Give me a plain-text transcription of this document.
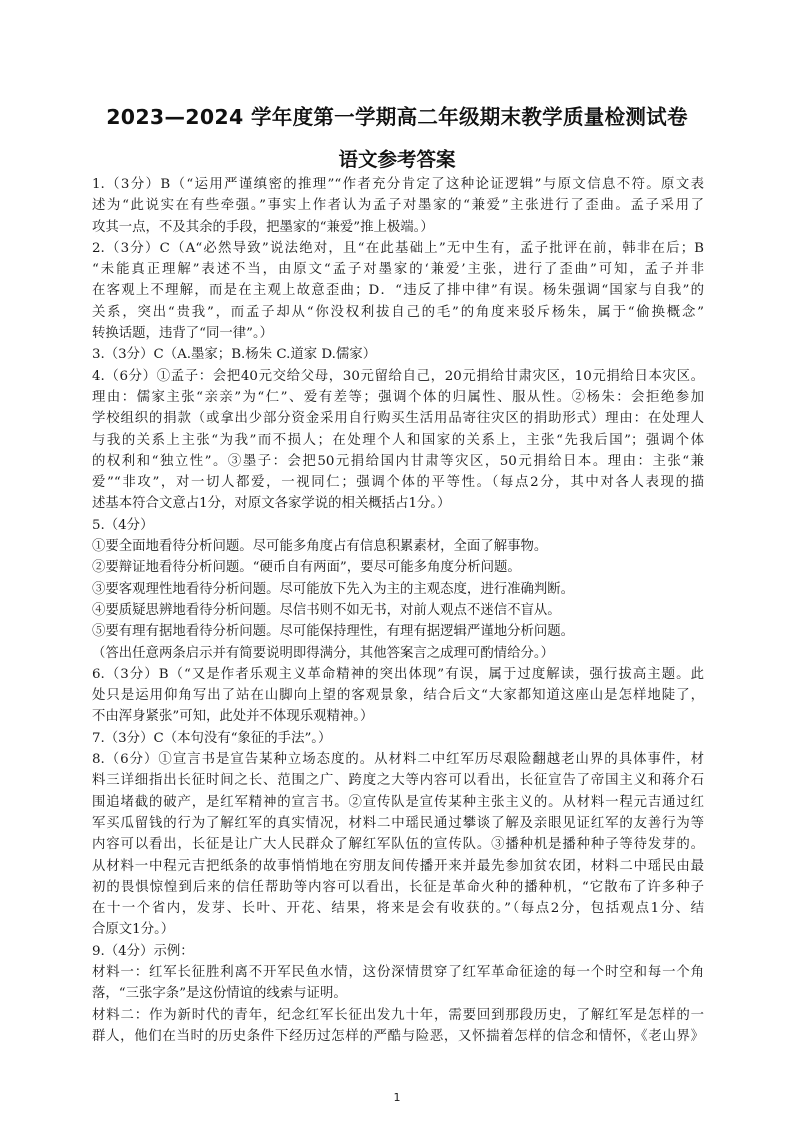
2023—2024 学年度第一学期高二年级期末教学质量检测试卷
语文参考答案
1.（3分）B（“运用严谨缜密的推理”“作者充分肯定了这种论证逻辑”与原文信息不符。原文表
述为“此说实在有些牵强。”事实上作者认为孟子对墨家的“兼爱”主张进行了歪曲。孟子采用了
攻其一点，不及其余的手段，把墨家的“兼爱”推上极端。）
2.（3分）C（A“必然导致”说法绝对，且“在此基础上”无中生有，孟子批评在前，韩非在后；B
“未能真正理解”表述不当，由原文“孟子对墨家的‘兼爱’主张，进行了歪曲”可知，孟子并非
在客观上不理解，而是在主观上故意歪曲；D．“违反了排中律”有误。杨朱强调“国家与自我”的
关系，突出“贵我”，而孟子却从“你没权利拔自己的毛”的角度来驳斥杨朱，属于“偷换概念”
转换话题，违背了“同一律”。）
3.（3分）C（A.墨家；B.杨朱 C.道家 D.儒家）
4.（6分）①孟子：会把40元交给父母，30元留给自己，20元捐给甘肃灾区，10元捐给日本灾区。
理由：儒家主张“亲亲”为“仁”、爱有差等；强调个体的归属性、服从性。②杨朱：会拒绝参加
学校组织的捐款（或拿出少部分资金采用自行购买生活用品寄往灾区的捐助形式）理由：在处理人
与我的关系上主张“为我”而不损人；在处理个人和国家的关系上，主张“先我后国”；强调个体
的权利和“独立性”。③墨子：会把50元捐给国内甘肃等灾区，50元捐给日本。理由：主张“兼
爱”“非攻”，对一切人都爱，一视同仁；强调个体的平等性。（每点2分，其中对各人表现的描
述基本符合文意占1分，对原文各家学说的相关概括占1分。）
5.（4分）
①要全面地看待分析问题。尽可能多角度占有信息积累素材，全面了解事物。
②要辩证地看待分析问题。“硬币自有两面”，要尽可能多角度分析问题。
③要客观理性地看待分析问题。尽可能放下先入为主的主观态度，进行准确判断。
④要质疑思辨地看待分析问题。尽信书则不如无书，对前人观点不迷信不盲从。
⑤要有理有据地看待分析问题。尽可能保持理性，有理有据逻辑严谨地分析问题。
（答出任意两条启示并有简要说明即得满分，其他答案言之成理可酌情给分。）
6.（3分）B（“又是作者乐观主义革命精神的突出体现”有误，属于过度解读，强行拔高主题。此
处只是运用仰角写出了站在山脚向上望的客观景象，结合后文“大家都知道这座山是怎样地陡了，
不由浑身紧张”可知，此处并不体现乐观精神。）
7.（3分）C（本句没有“象征的手法”。）
8.（6分）①宣言书是宣告某种立场态度的。从材料二中红军历尽艰险翻越老山界的具体事件，材
料三详细指出长征时间之长、范围之广、跨度之大等内容可以看出，长征宣告了帝国主义和蒋介石
围追堵截的破产，是红军精神的宣言书。②宣传队是宣传某种主张主义的。从材料一程元吉通过红
军买瓜留钱的行为了解红军的真实情况，材料二中瑶民通过攀谈了解及亲眼见证红军的友善行为等
内容可以看出，长征是让广大人民群众了解红军队伍的宣传队。③播种机是播种种子等待发芽的。
从材料一中程元吉把纸条的故事悄悄地在穷朋友间传播开来并最先参加贫农团，材料二中瑶民由最
初的畏惧惊惶到后来的信任帮助等内容可以看出，长征是革命火种的播种机，“它散布了许多种子
在十一个省内，发芽、长叶、开花、结果，将来是会有收获的。”（每点2分，包括观点1分、结
合原文1分。）
9.（4分）示例：
材料一：红军长征胜利离不开军民鱼水情，这份深情贯穿了红军革命征途的每一个时空和每一个角
落，“三张字条”是这份情谊的线索与证明。
材料二：作为新时代的青年，纪念红军长征出发九十年，需要回到那段历史，了解红军是怎样的一
群人，他们在当时的历史条件下经历过怎样的严酷与险恶，又怀揣着怎样的信念和情怀，《老山界》
1
